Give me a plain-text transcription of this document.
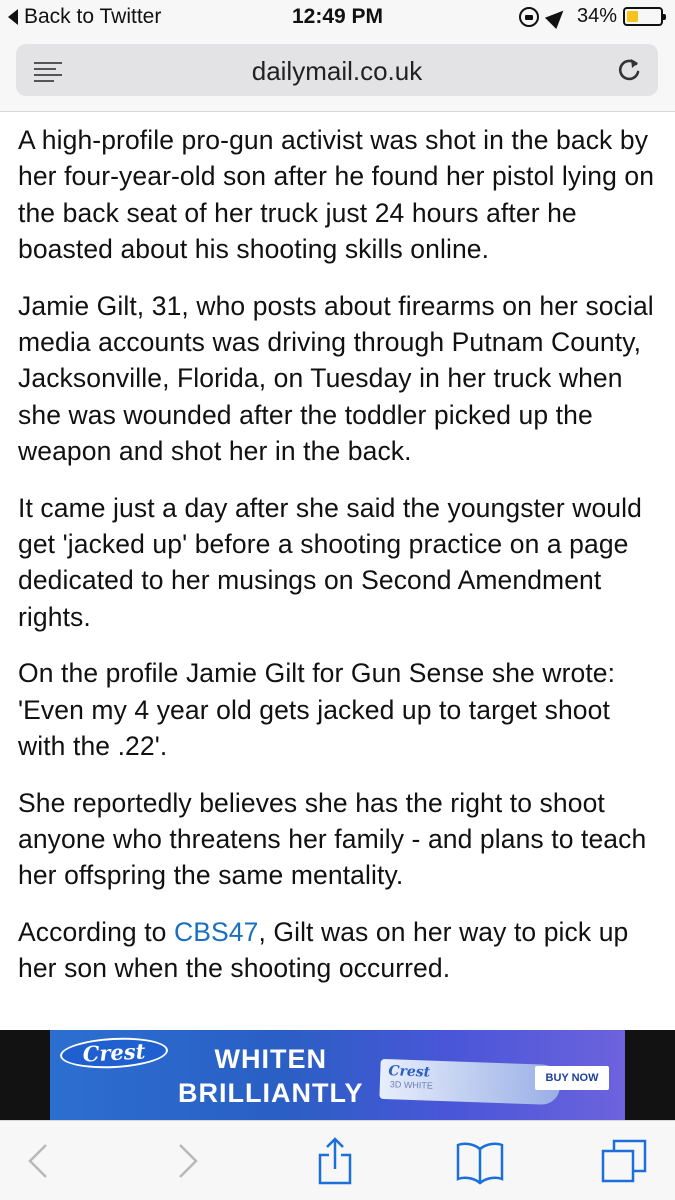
Back to Twitter	12:49 PM	34%
dailymail.co.uk

A high-profile pro-gun activist was shot in the back by her four-year-old son after he found her pistol lying on the back seat of her truck just 24 hours after he boasted about his shooting skills online.

Jamie Gilt, 31, who posts about firearms on her social media accounts was driving through Putnam County, Jacksonville, Florida, on Tuesday in her truck when she was wounded after the toddler picked up the weapon and shot her in the back.

It came just a day after she said the youngster would get 'jacked up' before a shooting practice on a page dedicated to her musings on Second Amendment rights.

On the profile Jamie Gilt for Gun Sense she wrote: 'Even my 4 year old gets jacked up to target shoot with the .22'.

She reportedly believes she has the right to shoot anyone who threatens her family - and plans to teach her offspring the same mentality.

According to CBS47, Gilt was on her way to pick up her son when the shooting occurred.

Crest	WHITEN
BRILLIANTLY
Crest
3D WHITE
BUY NOW
